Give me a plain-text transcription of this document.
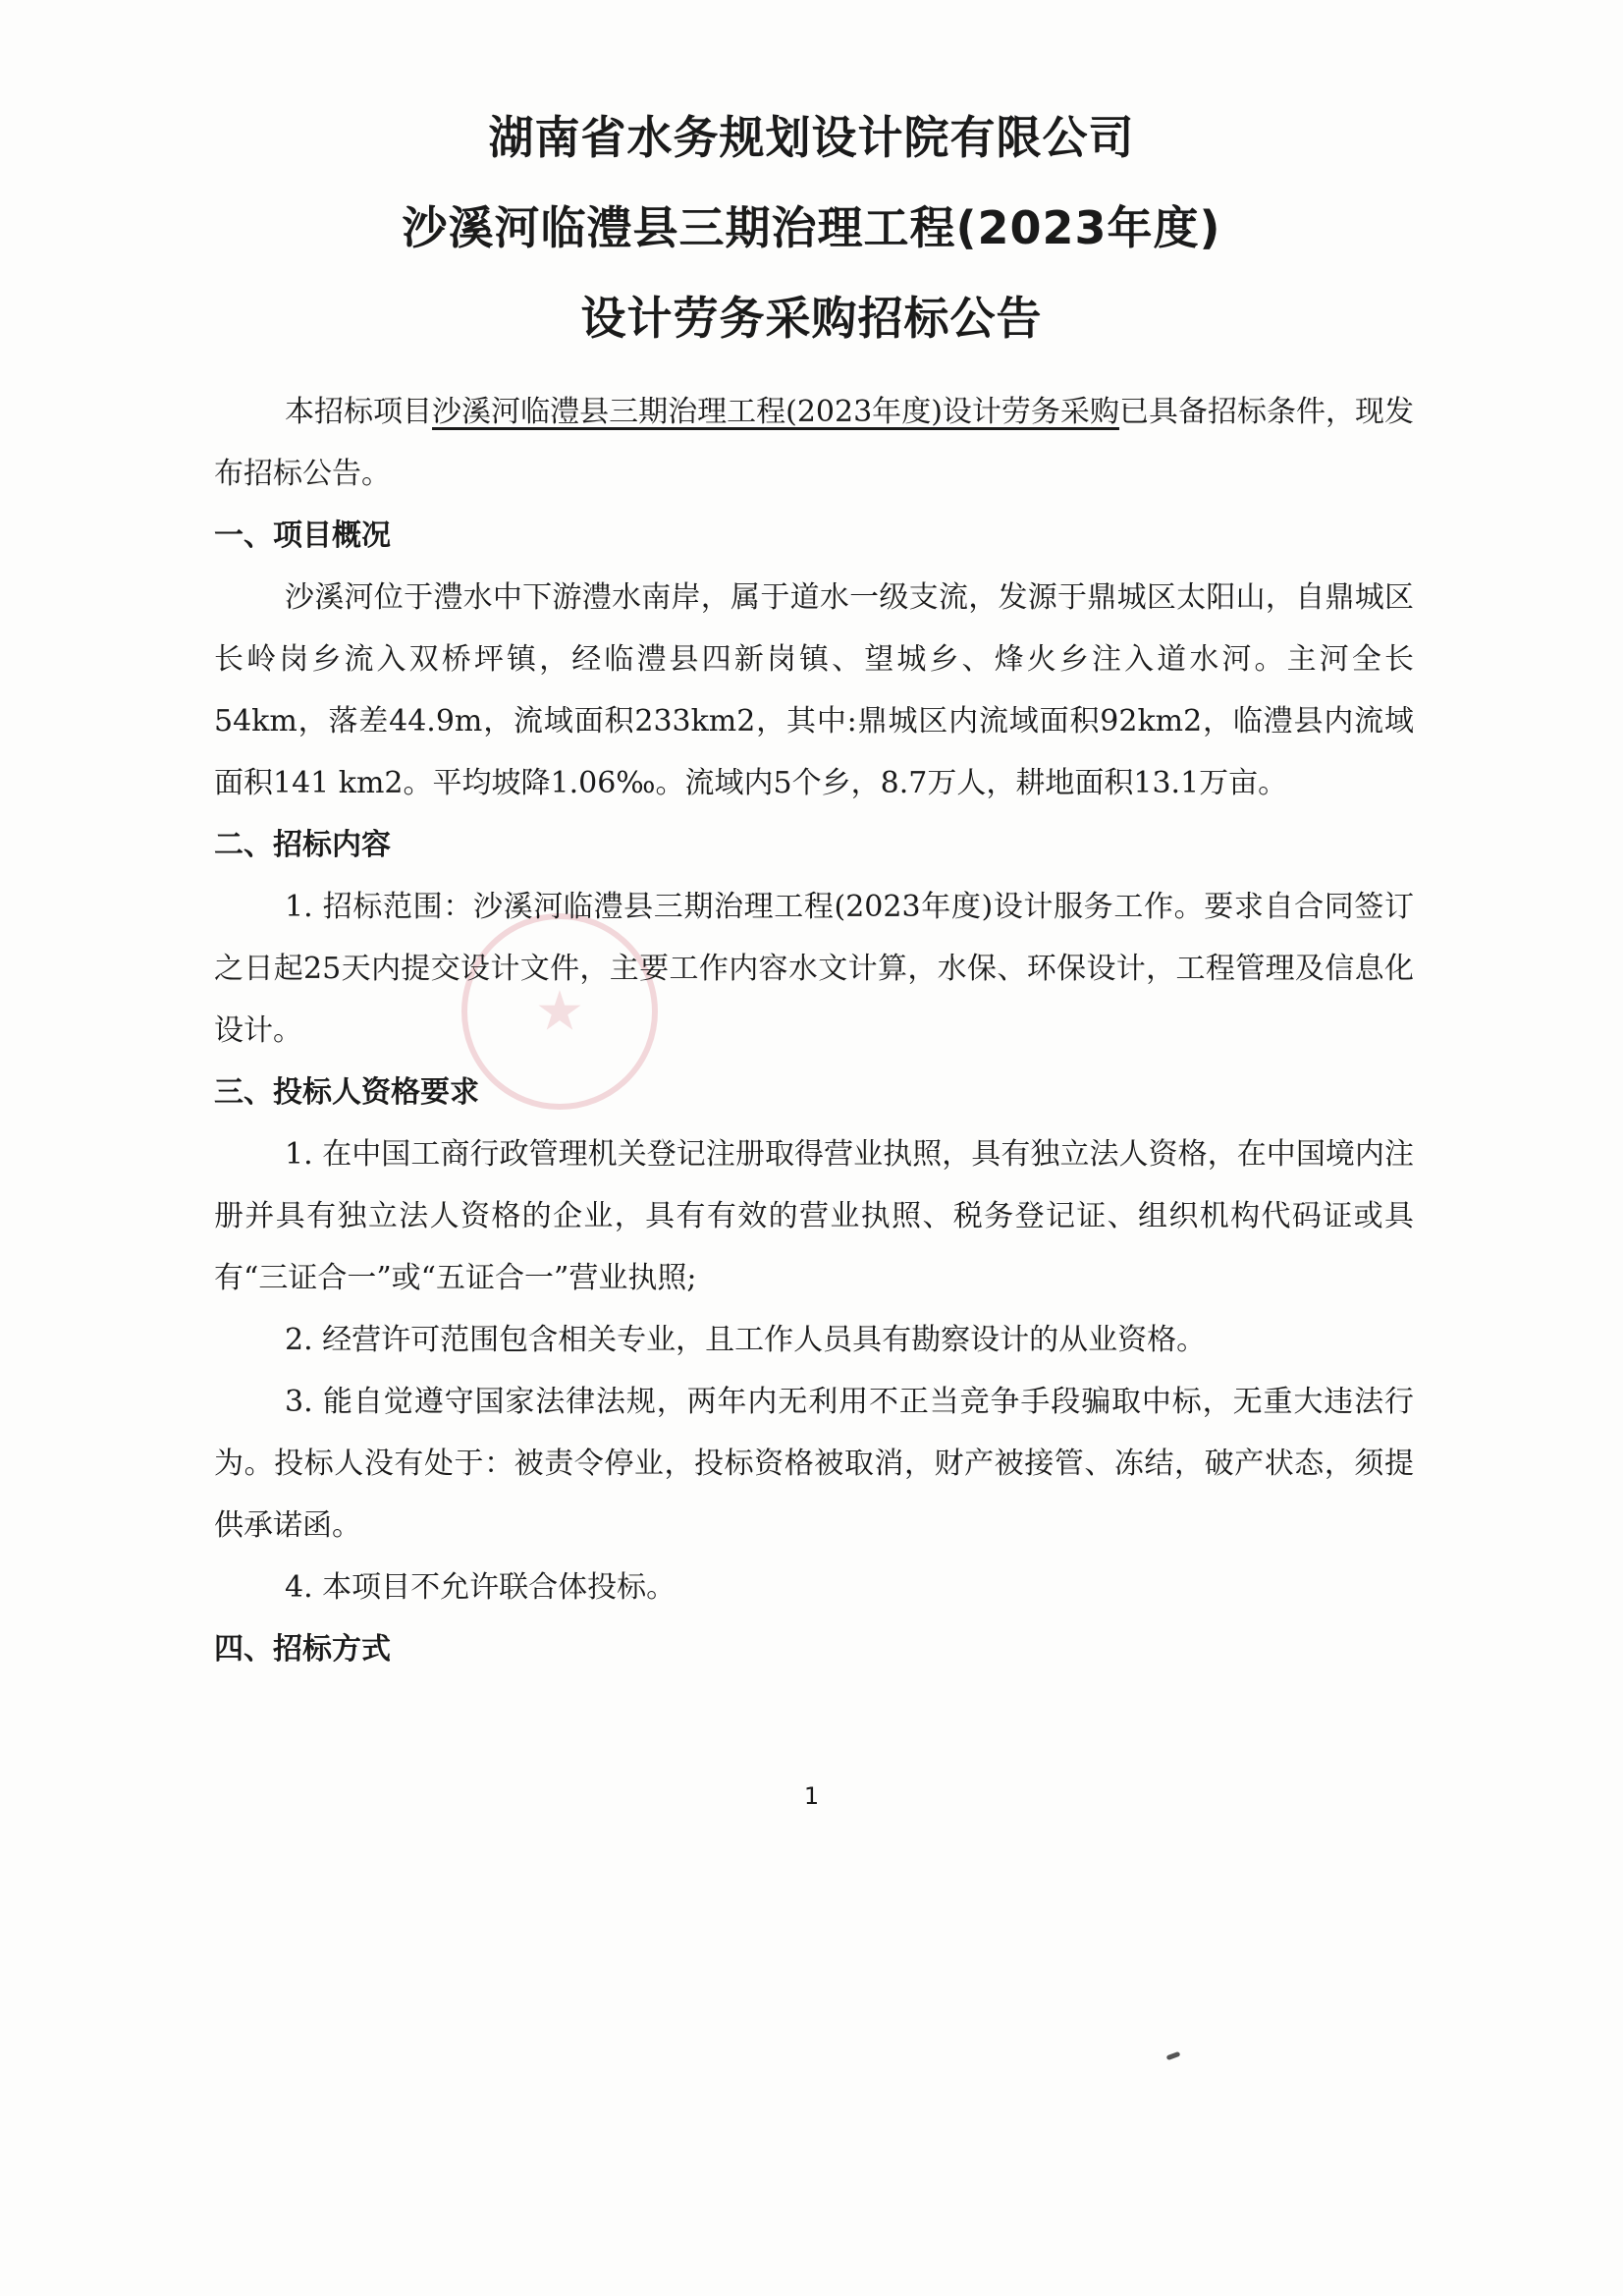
★
湖南省水务规划设计院有限公司
沙溪河临澧县三期治理工程(2023年度)
设计劳务采购招标公告

本招标项目沙溪河临澧县三期治理工程(2023年度)设计劳务采购已具备招标条件，现发布招标公告。

一、项目概况

沙溪河位于澧水中下游澧水南岸，属于道水一级支流，发源于鼎城区太阳山，自鼎城区长岭岗乡流入双桥坪镇，经临澧县四新岗镇、望城乡、烽火乡注入道水河。主河全长54km，落差44.9m，流域面积233km2，其中:鼎城区内流域面积92km2，临澧县内流域面积141 km2。平均坡降1.06‰。流域内5个乡，8.7万人，耕地面积13.1万亩。

二、招标内容

1. 招标范围：沙溪河临澧县三期治理工程(2023年度)设计服务工作。要求自合同签订之日起25天内提交设计文件，主要工作内容水文计算，水保、环保设计，工程管理及信息化设计。

三、投标人资格要求

1. 在中国工商行政管理机关登记注册取得营业执照，具有独立法人资格，在中国境内注册并具有独立法人资格的企业，具有有效的营业执照、税务登记证、组织机构代码证或具有“三证合一”或“五证合一”营业执照;

2. 经营许可范围包含相关专业，且工作人员具有勘察设计的从业资格。

3. 能自觉遵守国家法律法规，两年内无利用不正当竞争手段骗取中标，无重大违法行为。投标人没有处于：被责令停业，投标资格被取消，财产被接管、冻结，破产状态，须提供承诺函。

4. 本项目不允许联合体投标。

四、招标方式

1
